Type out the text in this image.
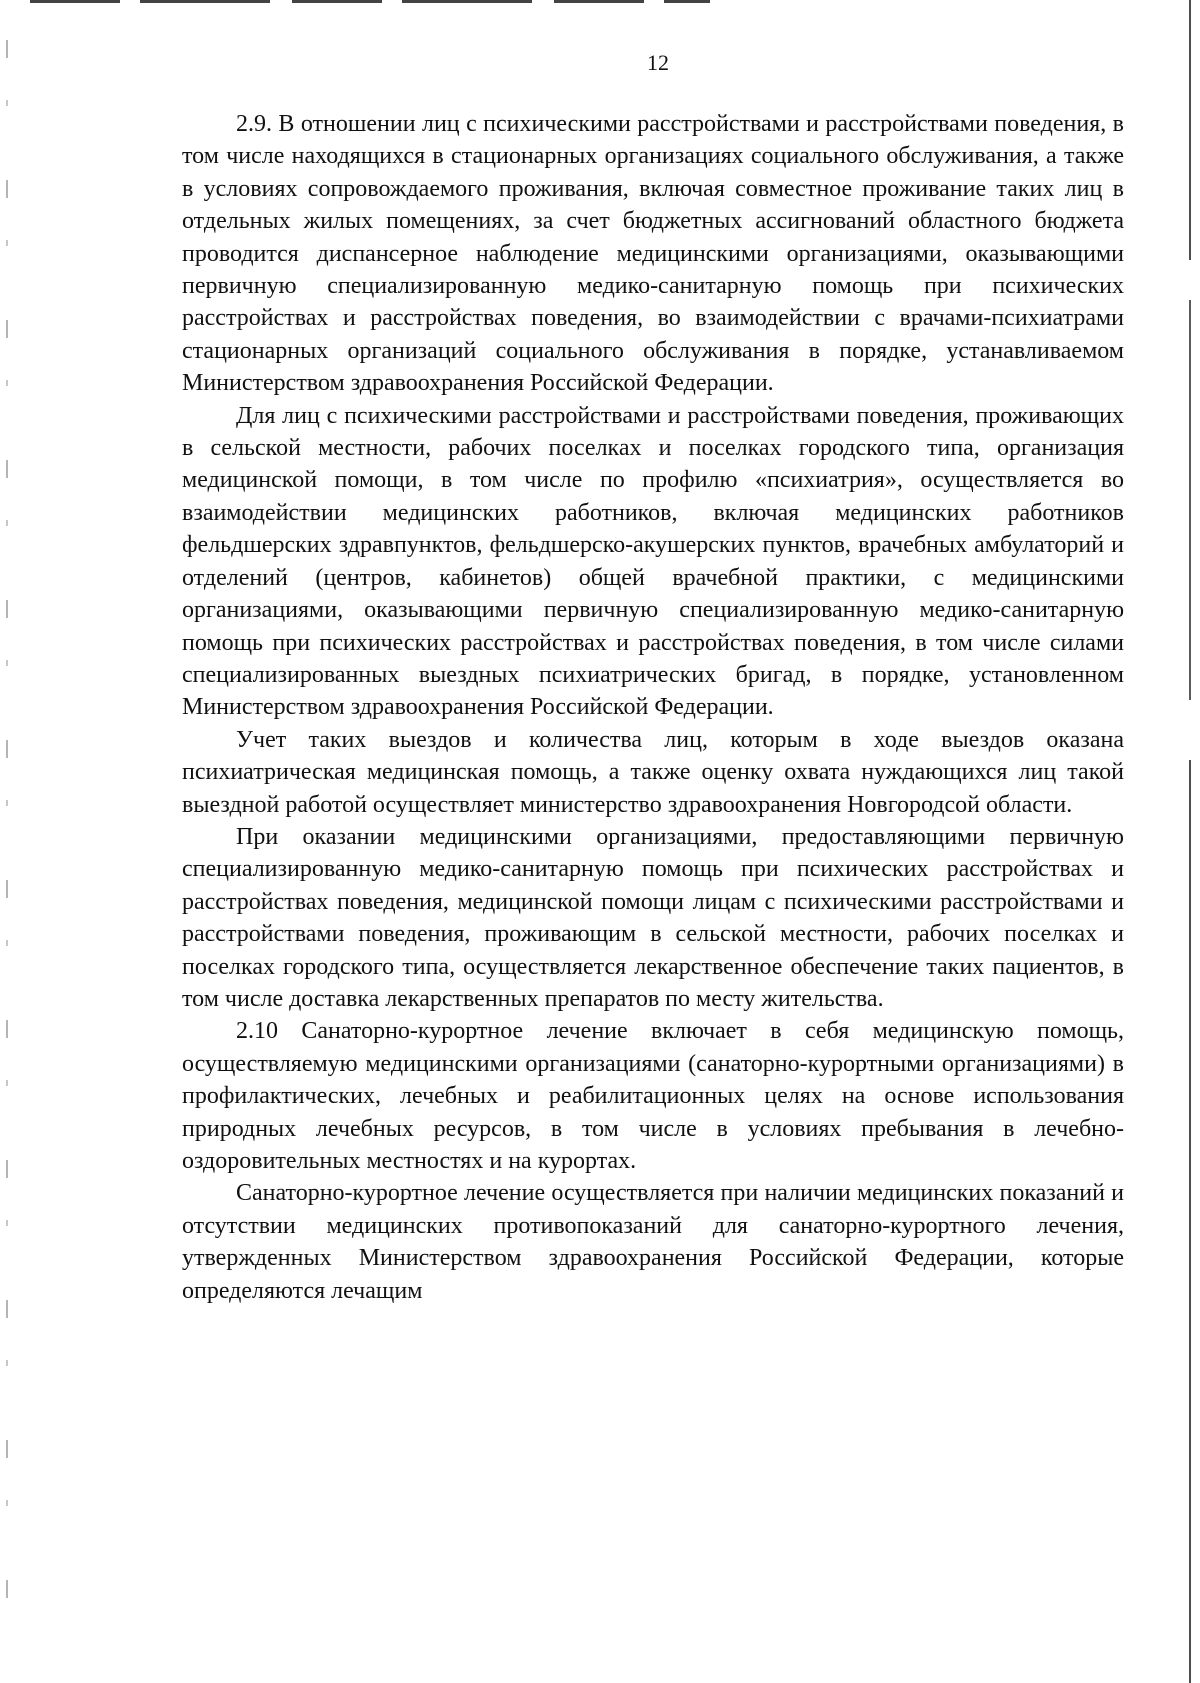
12

2.9. В отношении лиц с психическими расстройствами и расстройствами поведения, в том числе находящихся в стационарных организациях социального обслуживания, а также в условиях сопровождаемого проживания, включая совместное проживание таких лиц в отдельных жилых помещениях, за счет бюджетных ассигнований областного бюджета проводится диспансерное наблюдение медицинскими организациями, оказывающими первичную специализированную медико-санитарную помощь при психических расстройствах и расстройствах поведения, во взаимодействии с врачами-психиатрами стационарных организаций социального обслуживания в порядке, устанавливаемом Министерством здравоохранения Российской Федерации.

Для лиц с психическими расстройствами и расстройствами поведения, проживающих в сельской местности, рабочих поселках и поселках городского типа, организация медицинской помощи, в том числе по профилю «психиатрия», осуществляется во взаимодействии медицинских работников, включая медицинских работников фельдшерских здравпунктов, фельдшерско-акушерских пунктов, врачебных амбулаторий и отделений (центров, кабинетов) общей врачебной практики, с медицинскими организациями, оказывающими первичную специализированную медико-санитарную помощь при психических расстройствах и расстройствах поведения, в том числе силами специализированных выездных психиатрических бригад, в порядке, установленном Министерством здравоохранения Российской Федерации.

Учет таких выездов и количества лиц, которым в ходе выездов оказана психиатрическая медицинская помощь, а также оценку охвата нуждающихся лиц такой выездной работой осуществляет министерство здравоохранения Новгородсой области.

При оказании медицинскими организациями, предоставляющими первичную специализированную медико-санитарную помощь при психических расстройствах и расстройствах поведения, медицинской помощи лицам с психическими расстройствами и расстройствами поведения, проживающим в сельской местности, рабочих поселках и поселках городского типа, осуществляется лекарственное обеспечение таких пациентов, в том числе доставка лекарственных препаратов по месту жительства.

2.10 Санаторно-курортное лечение включает в себя медицинскую помощь, осуществляемую медицинскими организациями (санаторно-курортными организациями) в профилактических, лечебных и реабилитационных целях на основе использования природных лечебных ресурсов, в том числе в условиях пребывания в лечебно-оздоровительных местностях и на курортах.

Санаторно-курортное лечение осуществляется при наличии медицинских показаний и отсутствии медицинских противопоказаний для санаторно-курортного лечения, утвержденных Министерством здравоохранения Российской Федерации, которые определяются лечащим
